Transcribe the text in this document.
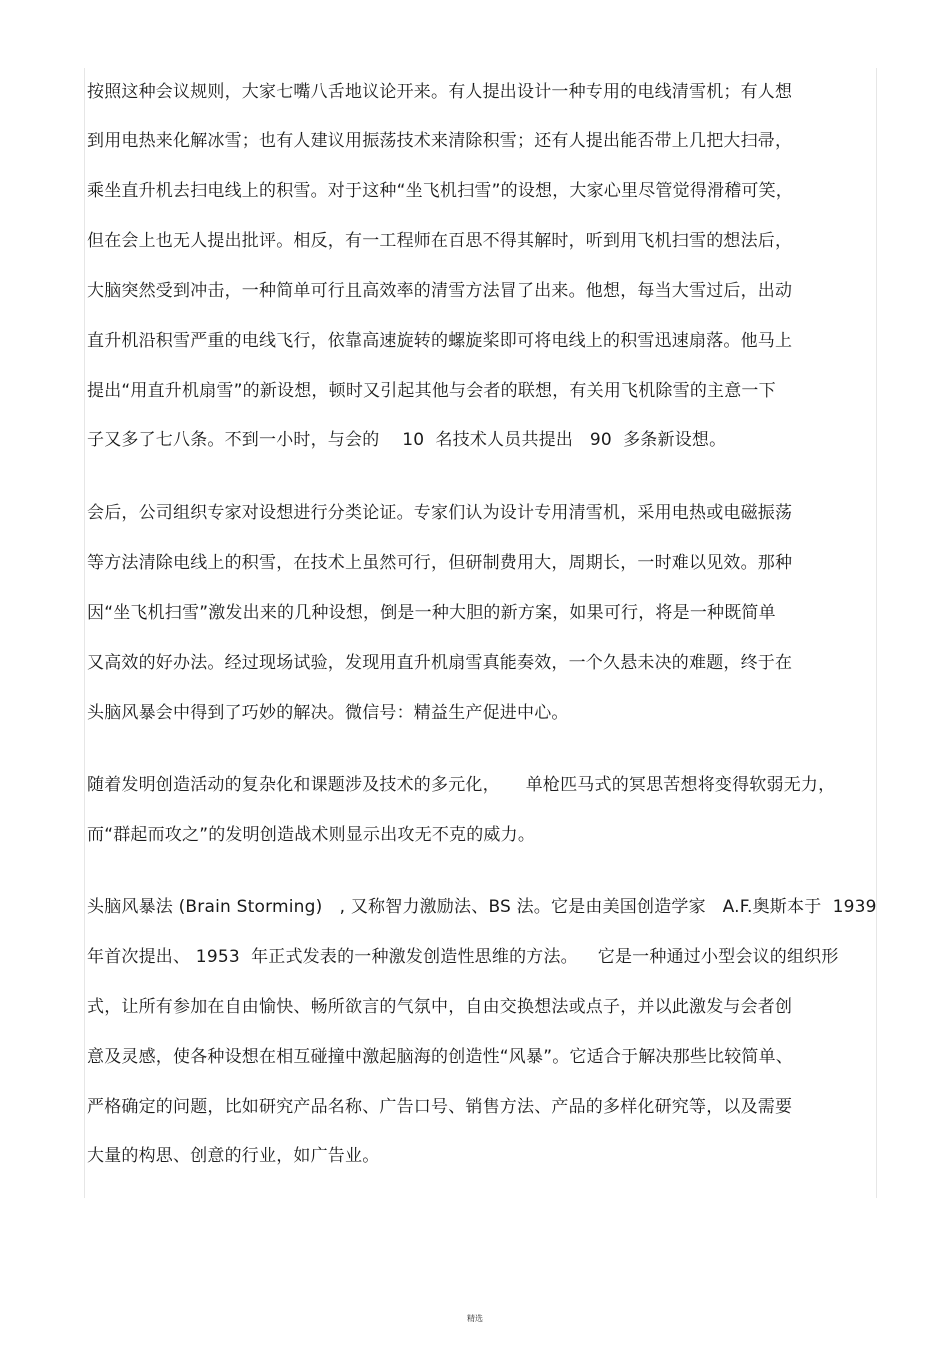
按照这种会议规则，大家七嘴八舌地议论开来。有人提出设计一种专用的电线清雪机；有人想
到用电热来化解冰雪；也有人建议用振荡技术来清除积雪；还有人提出能否带上几把大扫帚，
乘坐直升机去扫电线上的积雪。对于这种“坐飞机扫雪”的设想，大家心里尽管觉得滑稽可笑，
但在会上也无人提出批评。相反，有一工程师在百思不得其解时，听到用飞机扫雪的想法后，
大脑突然受到冲击，一种简单可行且高效率的清雪方法冒了出来。他想，每当大雪过后，出动
直升机沿积雪严重的电线飞行，依靠高速旋转的螺旋桨即可将电线上的积雪迅速扇落。他马上
提出“用直升机扇雪”的新设想，顿时又引起其他与会者的联想，有关用飞机除雪的主意一下
子又多了七八条。不到一小时，与会的　 10  名技术人员共提出   90  多条新设想。
会后，公司组织专家对设想进行分类论证。专家们认为设计专用清雪机，采用电热或电磁振荡
等方法清除电线上的积雪，在技术上虽然可行，但研制费用大，周期长，一时难以见效。那种
因“坐飞机扫雪”激发出来的几种设想，倒是一种大胆的新方案，如果可行，将是一种既简单
又高效的好办法。经过现场试验，发现用直升机扇雪真能奏效，一个久悬未决的难题，终于在
头脑风暴会中得到了巧妙的解决。微信号：精益生产促进中心。
随着发明创造活动的复杂化和课题涉及技术的多元化，　　单枪匹马式的冥思苦想将变得软弱无力，
而“群起而攻之”的发明创造战术则显示出攻无不克的威力。
头脑风暴法 (Brain Storming)　, 又称智力激励法、BS 法。它是由美国创造学家   A.F.奥斯本于  1939
年首次提出、 1953  年正式发表的一种激发创造性思维的方法。　  它是一种通过小型会议的组织形
式，让所有参加在自由愉快、畅所欲言的气氛中，自由交换想法或点子，并以此激发与会者创
意及灵感，使各种设想在相互碰撞中激起脑海的创造性“风暴”。它适合于解决那些比较简单、
严格确定的问题，比如研究产品名称、广告口号、销售方法、产品的多样化研究等，以及需要
大量的构思、创意的行业，如广告业。
精选
